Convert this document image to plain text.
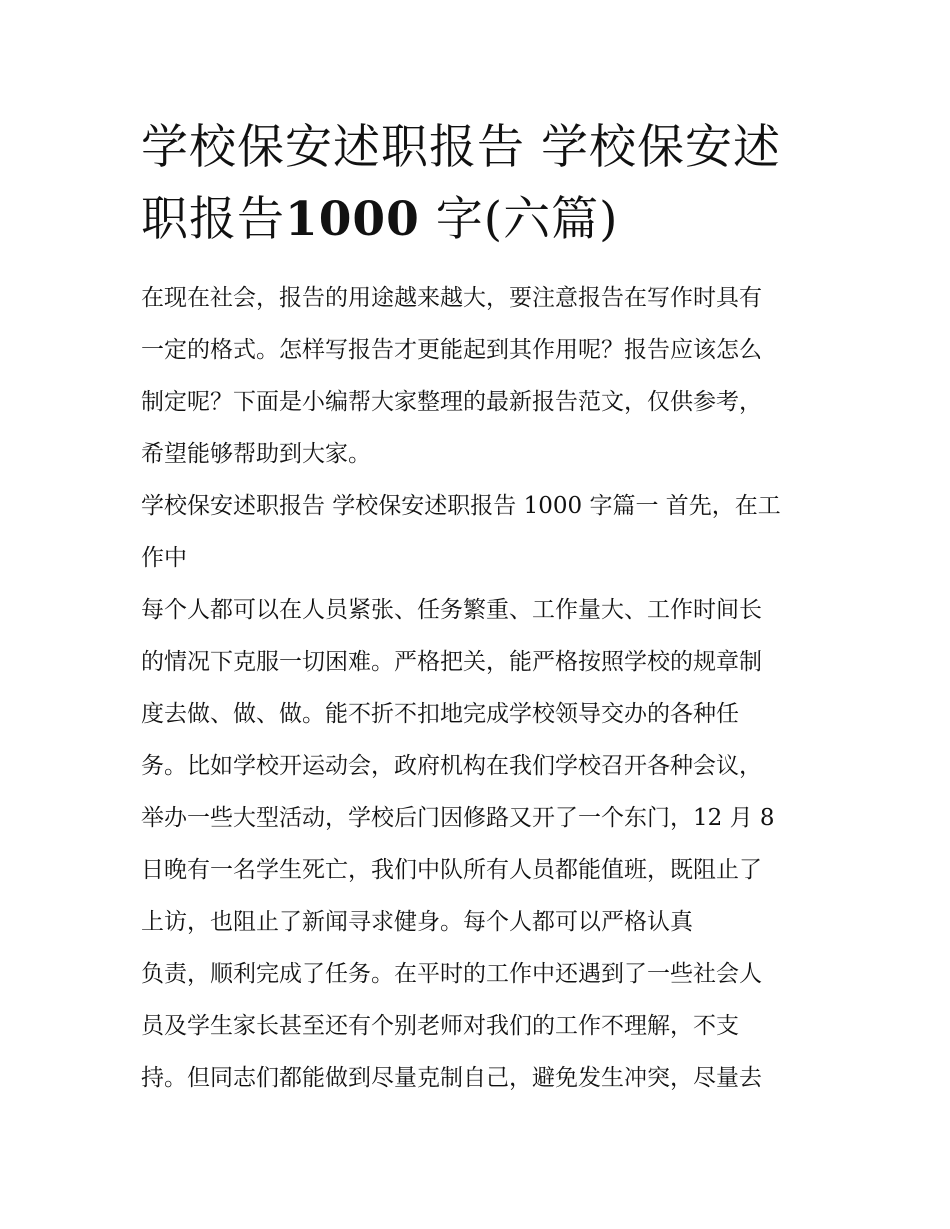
学校保安述职报告 学校保安述职报告1000 字(六篇)

在现在社会，报告的用途越来越大，要注意报告在写作时具有
一定的格式。怎样写报告才更能起到其作用呢？报告应该怎么
制定呢？下面是小编帮大家整理的最新报告范文，仅供参考，
希望能够帮助到大家。

学校保安述职报告 学校保安述职报告 1000 字篇一 首先，在工
作中

每个人都可以在人员紧张、任务繁重、工作量大、工作时间长
的情况下克服一切困难。严格把关，能严格按照学校的规章制
度去做、做、做。能不折不扣地完成学校领导交办的各种任
务。比如学校开运动会，政府机构在我们学校召开各种会议，
举办一些大型活动，学校后门因修路又开了一个东门，12 月 8
日晚有一名学生死亡，我们中队所有人员都能值班，既阻止了
上访，也阻止了新闻寻求健身。每个人都可以严格认真

负责，顺利完成了任务。在平时的工作中还遇到了一些社会人
员及学生家长甚至还有个别老师对我们的工作不理解，不支
持。但同志们都能做到尽量克制自己，避免发生冲突，尽量去
